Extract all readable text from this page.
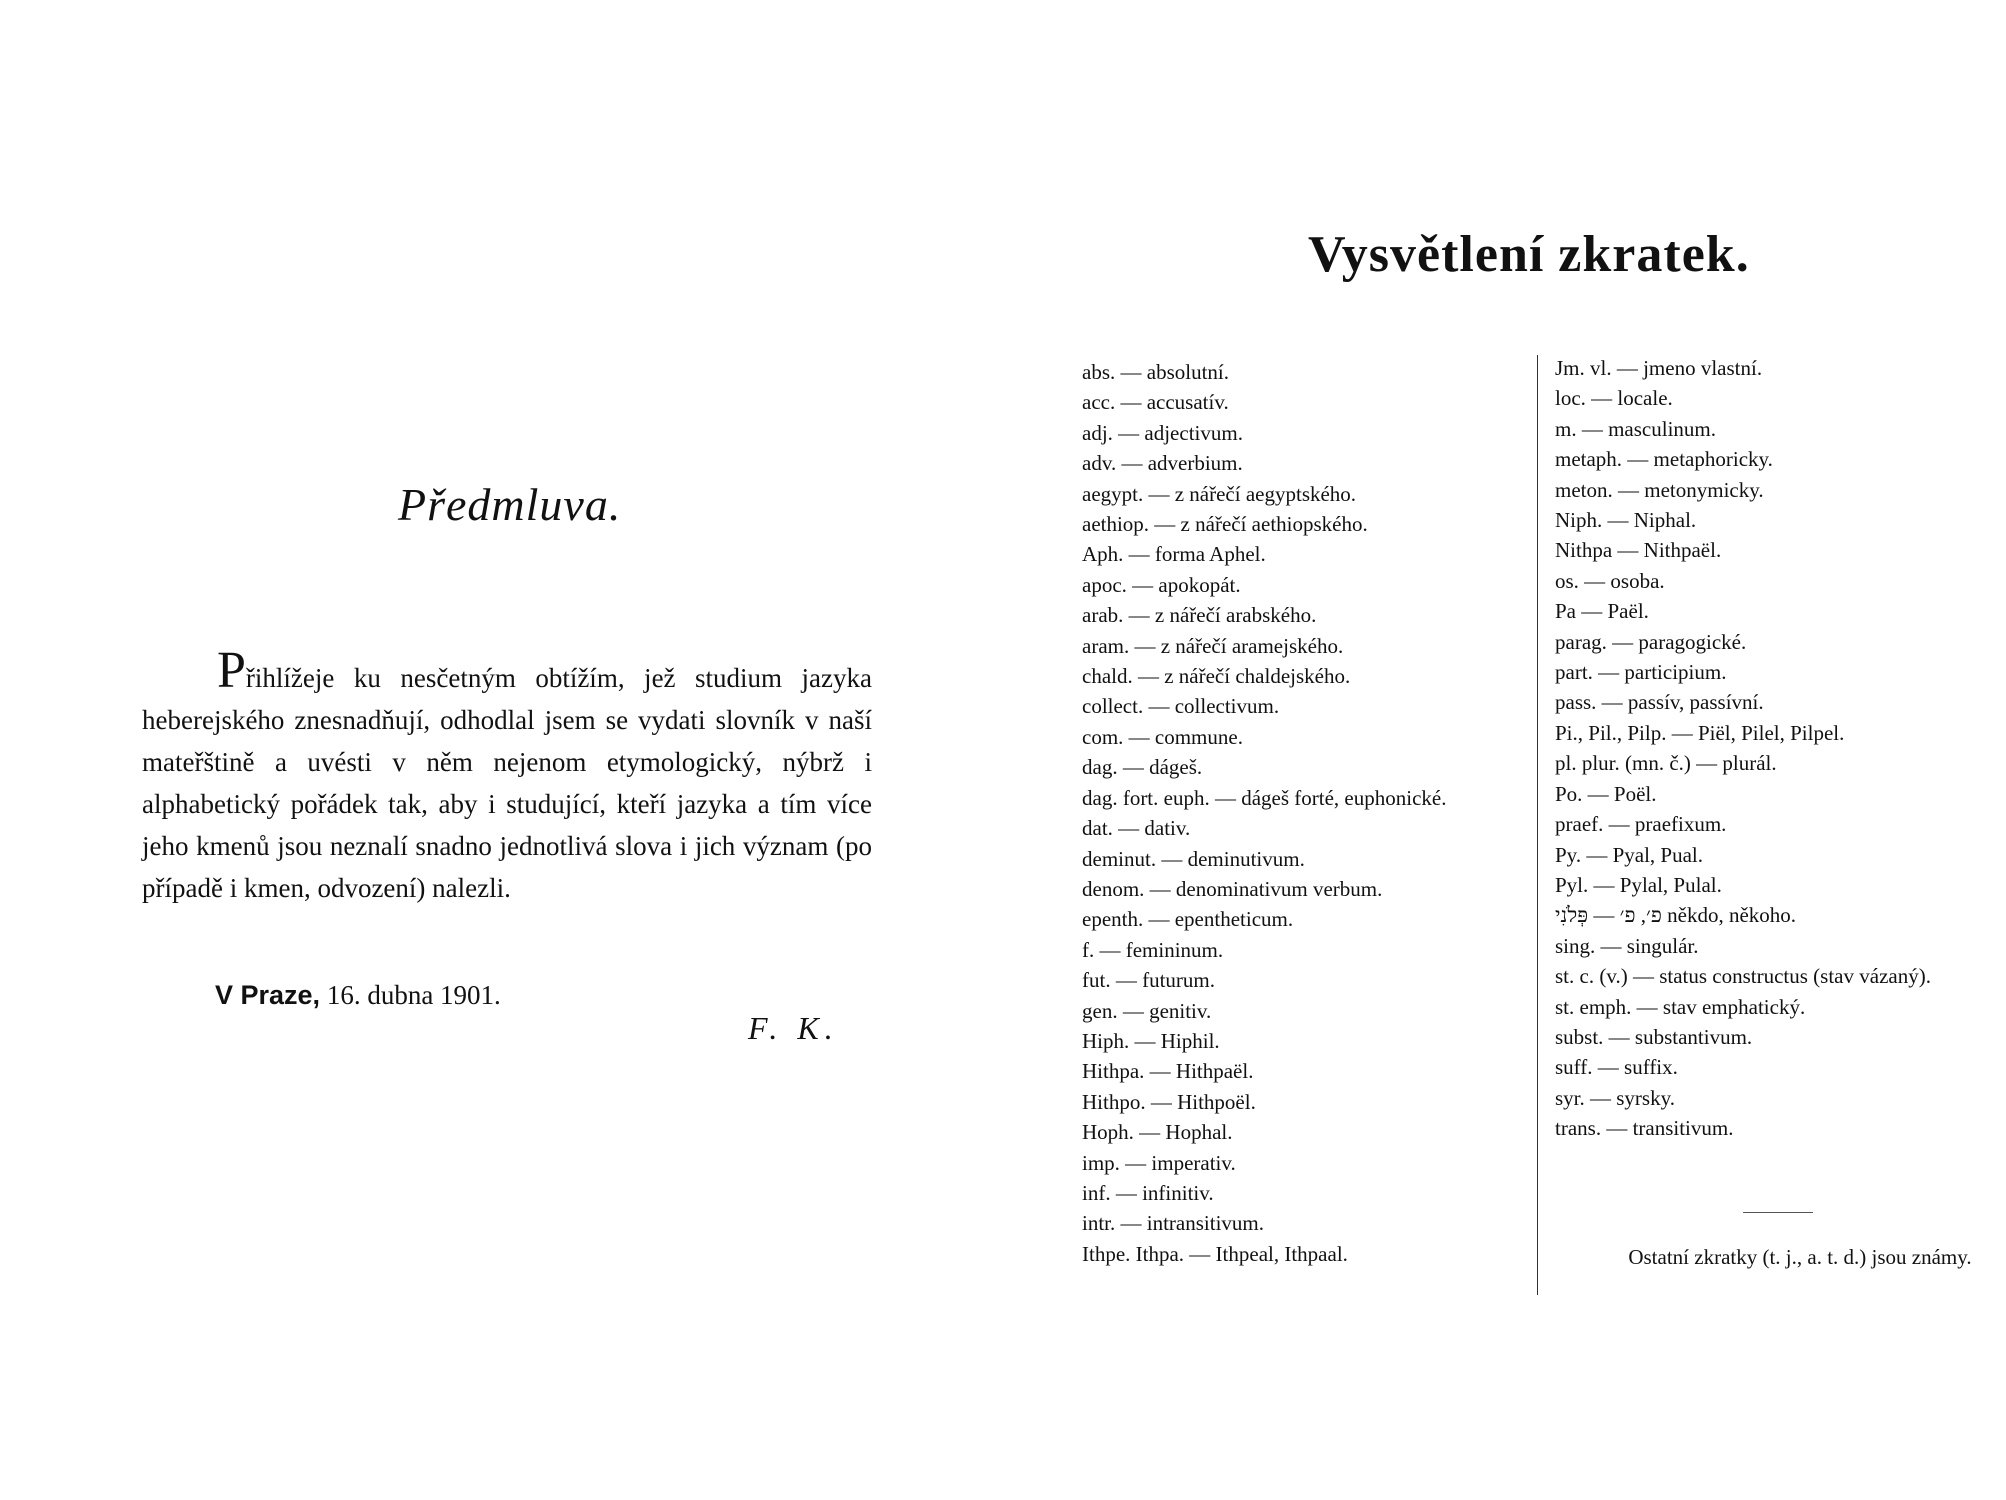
Předmluva.

Přihlížeje ku nesčetným obtížím, jež studium jazyka heberejského znesnadňují, odhodlal jsem se vydati slovník v naší mateřštině a uvésti v něm nejenom etymologický, nýbrž i alphabetický pořádek tak, aby i studující, kteří jazyka a tím více jeho kmenů jsou neznalí snadno jednotlivá slova i jich význam (po případě i kmen, odvození) nalezli.

V Praze, 16. dubna 1901.
F. K.
Vysvětlení zkratek.
abs. — absolutní.
acc. — accusatív.
adj. — adjectivum.
adv. — adverbium.
aegypt. — z nářečí aegyptského.
aethiop. — z nářečí aethiopského.
Aph. — forma Aphel.
apoc. — apokopát.
arab. — z nářečí arabského.
aram. — z nářečí aramejského.
chald. — z nářečí chaldejského.
collect. — collectivum.
com. — commune.
dag. — dágeš.
dag. fort. euph. — dágeš forté, euphonické.
dat. — dativ.
deminut. — deminutivum.
denom. — denominativum verbum.
epenth. — epentheticum.
f. — femininum.
fut. — futurum.
gen. — genitiv.
Hiph. — Hiphil.
Hithpa. — Hithpaël.
Hithpo. — Hithpoël.
Hoph. — Hophal.
imp. — imperativ.
inf. — infinitiv.
intr. — intransitivum.
Ithpe. Ithpa. — Ithpeal, Ithpaal.
Jm. vl. — jmeno vlastní.
loc. — locale.
m. — masculinum.
metaph. — metaphoricky.
meton. — metonymicky.
Niph. — Niphal.
Nithpa — Nithpaël.
os. — osoba.
Pa — Paël.
parag. — paragogické.
part. — participium.
pass. — passív, passívní.
Pi., Pil., Pilp. — Piël, Pilel, Pilpel.
pl. plur. (mn. č.) — plurál.
Po. — Poël.
praef. — praefixum.
Py. — Pyal, Pual.
Pyl. — Pylal, Pulal.
פ׳, פ׳ — פְּלֹנִי někdo, někoho.
sing. — singulár.
st. c. (v.) — status constructus (stav vázaný).
st. emph. — stav emphatický.
subst. — substantivum.
suff. — suffix.
syr. — syrsky.
trans. — transitivum.

Ostatní zkratky (t. j., a. t. d.) jsou známy.
